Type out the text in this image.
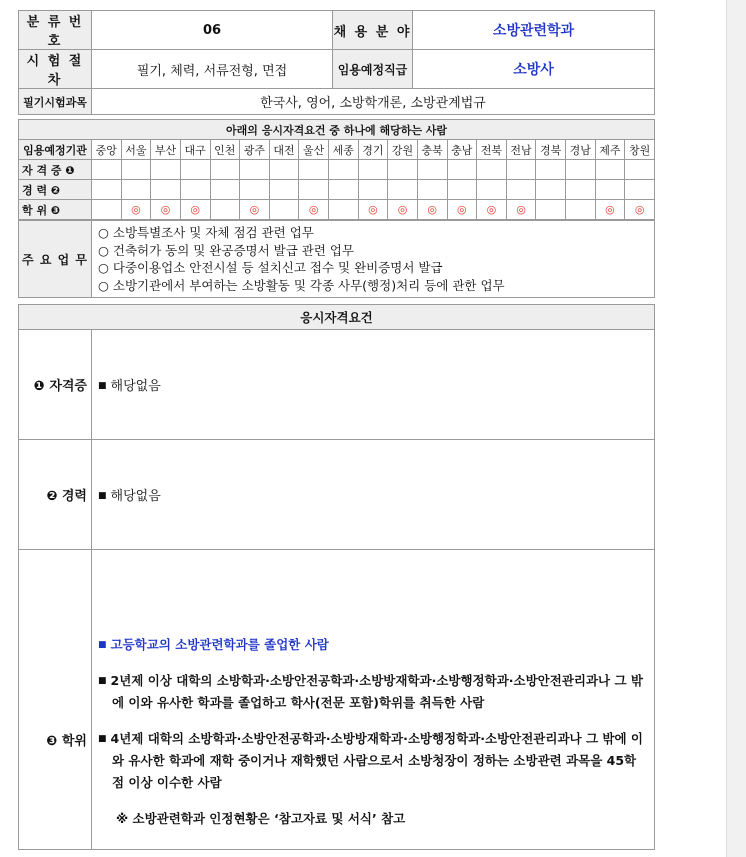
분 류 번 호	06	채 용 분 야	소방관련학과
시 험 절 차	필기, 체력, 서류전형, 면접	임용예정직급	소방사
필기시험과목	한국사, 영어, 소방학개론, 소방관계법규		
아래의 응시자격요건 중 하나에 해당하는 사람																			
임용예정기관	중앙	서울	부산	대구	인천	광주	대전	울산	세종	경기	강원	충북	충남	전북	전남	경북	경남	제주	창원
자 격 증 ❶																			
경 력 ❷																			
학 위 ❸		◎	◎	◎		◎		◎		◎	◎	◎	◎	◎	◎			◎	◎
주 요 업 무	
○ 소방특별조사 및 자체 점검 관련 업무
○ 건축허가 동의 및 완공증명서 발급 관련 업무
○ 다중이용업소 안전시설 등 설치신고 접수 및 완비증명서 발급
○ 소방기관에서 부여하는 소방활동 및 각종 사무(행정)처리 등에 관한 업무
응시자격요건	
❶ 자격증	■ 해당없음
❷ 경력	■ 해당없음
❸ 학위	■ 고등학교의 소방관련학과를 졸업한 사람

■ 2년제 이상 대학의 소방학과·소방안전공학과·소방방재학과·소방행정학과·소방안전관리과나 그 밖에 이와 유사한 학과를 졸업하고 학사(전문 포함)학위를 취득한 사람

■ 4년제 대학의 소방학과·소방안전공학과·소방방재학과·소방행정학과·소방안전관리과나 그 밖에 이와 유사한 학과에 재학 중이거나 재학했던 사람으로서 소방청장이 정하는 소방관련 과목을 45학점 이상 이수한 사람

※ 소방관련학과 인정현황은 ‘참고자료 및 서식’ 참고
